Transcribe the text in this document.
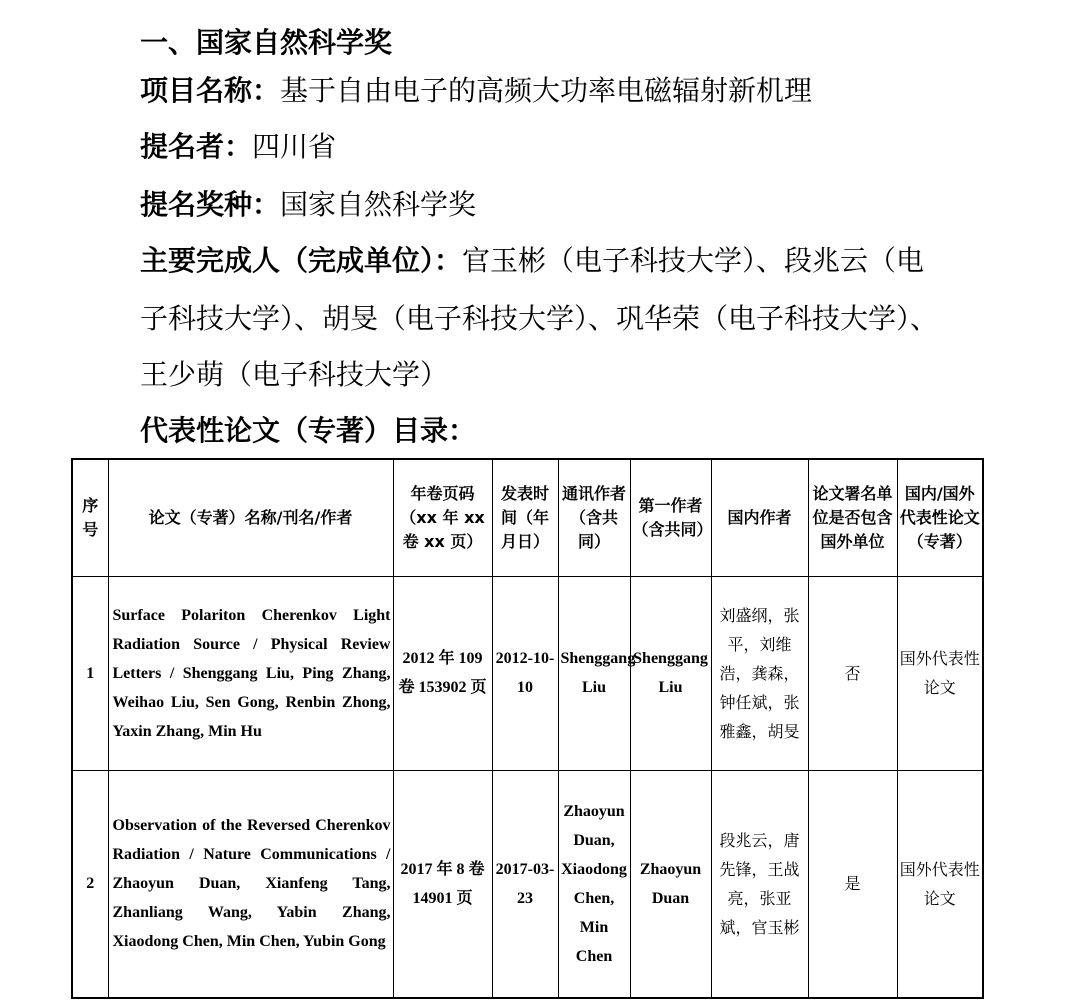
一、国家自然科学奖
项目名称：基于自由电子的高频大功率电磁辐射新机理
提名者：四川省
提名奖种：国家自然科学奖
主要完成人（完成单位）：官玉彬（电子科技大学）、段兆云（电
子科技大学）、胡旻（电子科技大学）、巩华荣（电子科技大学）、
王少萌（电子科技大学）
代表性论文（专著）目录：
序号	论文（专著）名称/刊名/作者	年卷页码（xx 年 xx 卷 xx 页）	发表时间（年月日）	通讯作者（含共同）	第一作者（含共同）	国内作者	论文署名单位是否包含国外单位	国内/国外代表性论文（专著）
1	Surface Polariton Cherenkov Light Radiation Source / Physical Review Letters / Shenggang Liu, Ping Zhang, Weihao Liu, Sen Gong, Renbin Zhong, Yaxin Zhang, Min Hu	2012 年 109 卷 153902 页	2012-10-10	Shenggang Liu	Shenggang Liu	刘盛纲，张平，刘维浩，龚森，钟任斌，张雅鑫，胡旻	否	国外代表性论文
2	Observation of the Reversed Cherenkov Radiation / Nature Communications / Zhaoyun Duan, Xianfeng Tang, Zhanliang Wang, Yabin Zhang, Xiaodong Chen, Min Chen, Yubin Gong	2017 年 8 卷 14901 页	2017-03-23	Zhaoyun Duan, Xiaodong Chen, Min Chen	Zhaoyun Duan	段兆云，唐先锋，王战亮，张亚斌，官玉彬	是	国外代表性论文
